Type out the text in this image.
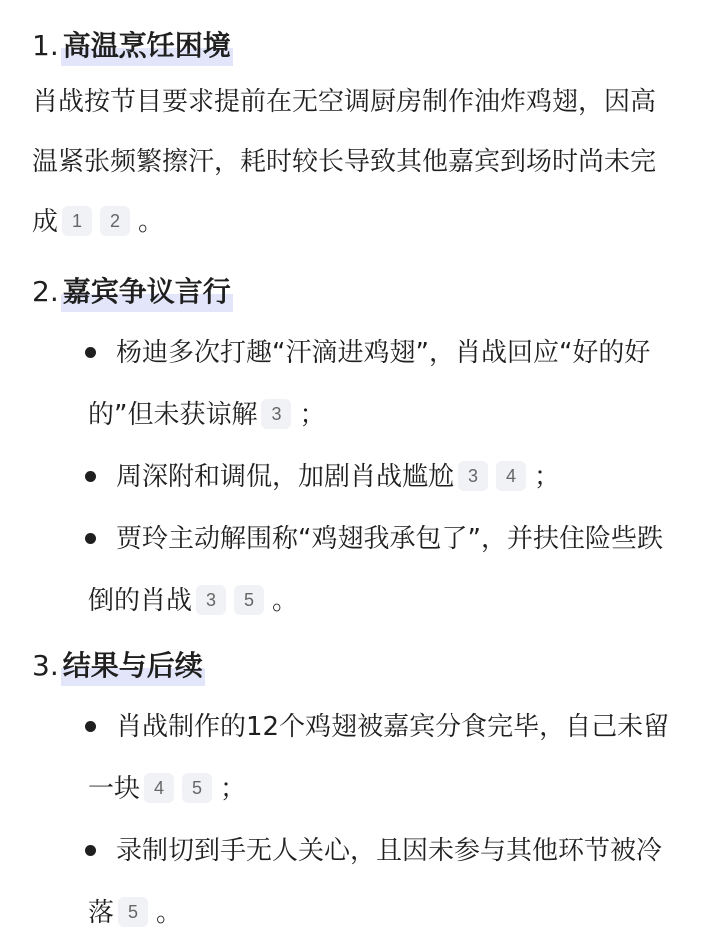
1. 高温烹饪困境

肖战按节目要求提前在无空调厨房制作油炸鸡翅，因高温紧张频繁擦汗，耗时较长导致其他嘉宾到场时尚未完成 1 2 。

2. 嘉宾争议言行
杨迪多次打趣“汗滴进鸡翅”，肖战回应“好的好的”但未获谅解 3 ；
周深附和调侃，加剧肖战尴尬 3 4 ；
贾玲主动解围称“鸡翅我承包了”，并扶住险些跌倒的肖战 3 5 。
3. 结果与后续
肖战制作的12个鸡翅被嘉宾分食完毕，自己未留一块 4 5 ；
录制切到手无人关心，且因未参与其他环节被冷落 5 。
